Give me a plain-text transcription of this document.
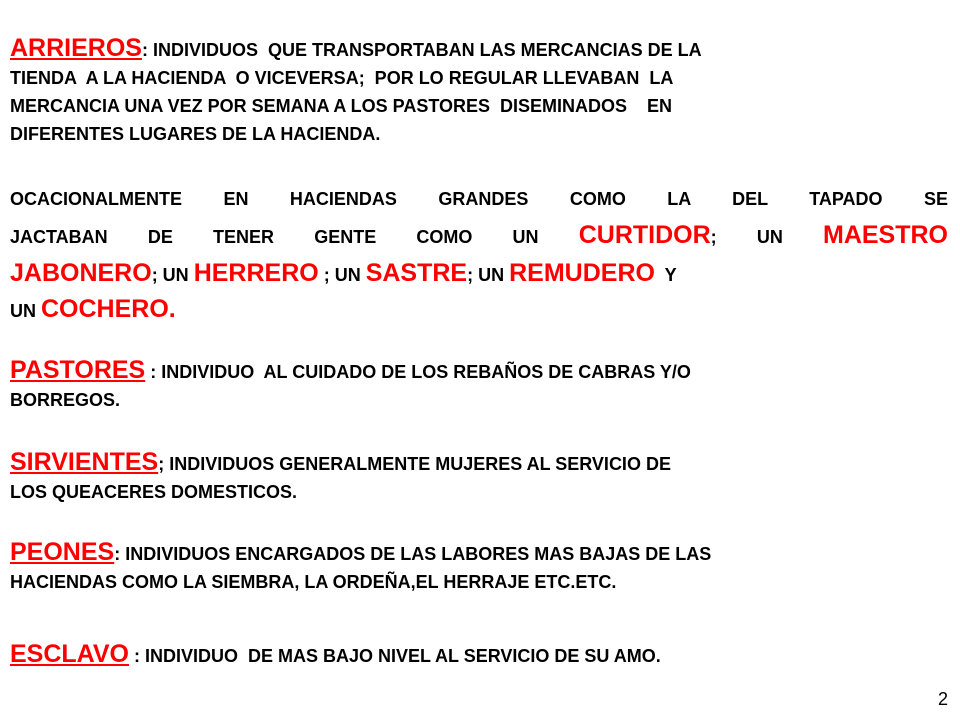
ARRIEROS: INDIVIDUOS  QUE TRANSPORTABAN LAS MERCANCIAS DE LA
TIENDA  A LA HACIENDA  O VICEVERSA;  POR LO REGULAR LLEVABAN  LA
MERCANCIA UNA VEZ POR SEMANA A LOS PASTORES  DISEMINADOS    EN
DIFERENTES LUGARES DE LA HACIENDA.
OCACIONALMENTE EN HACIENDAS GRANDES COMO LA DEL TAPADO SE
JACTABAN DE TENER GENTE COMO UN CURTIDOR; UN MAESTRO
JABONERO; UN HERRERO ; UN SASTRE; UN REMUDERO  Y
UN COCHERO.
PASTORES : INDIVIDUO  AL CUIDADO DE LOS REBAÑOS DE CABRAS Y/O
BORREGOS.
SIRVIENTES; INDIVIDUOS GENERALMENTE MUJERES AL SERVICIO DE
LOS QUEACERES DOMESTICOS.
PEONES: INDIVIDUOS ENCARGADOS DE LAS LABORES MAS BAJAS DE LAS
HACIENDAS COMO LA SIEMBRA, LA ORDEÑA,EL HERRAJE ETC.ETC.
ESCLAVO : INDIVIDUO  DE MAS BAJO NIVEL AL SERVICIO DE SU AMO.
2
